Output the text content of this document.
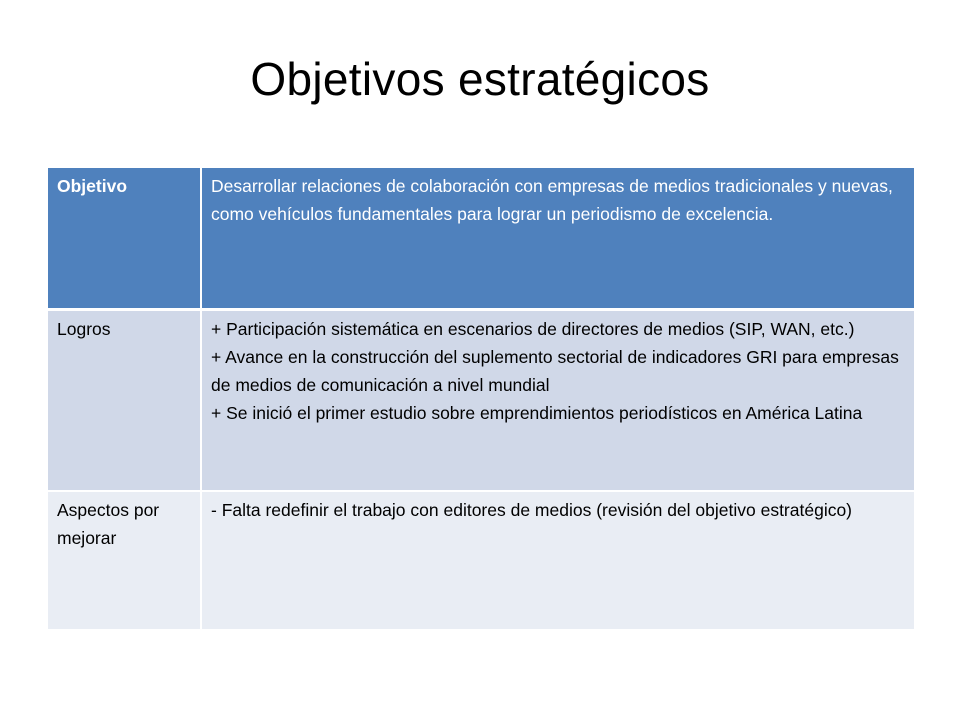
Objetivos estratégicos
Objetivo	Desarrollar relaciones de colaboración con empresas de medios tradicionales y nuevas, como vehículos fundamentales para lograr un periodismo de excelencia.
Logros	+ Participación sistemática en escenarios de directores de medios (SIP, WAN, etc.)
+ Avance en la construcción del suplemento sectorial de indicadores GRI para empresas de medios de comunicación a nivel mundial
+ Se inició el primer estudio sobre emprendimientos periodísticos en América Latina

Aspectos por mejorar	- Falta redefinir el trabajo con editores de medios (revisión del objetivo estratégico)
